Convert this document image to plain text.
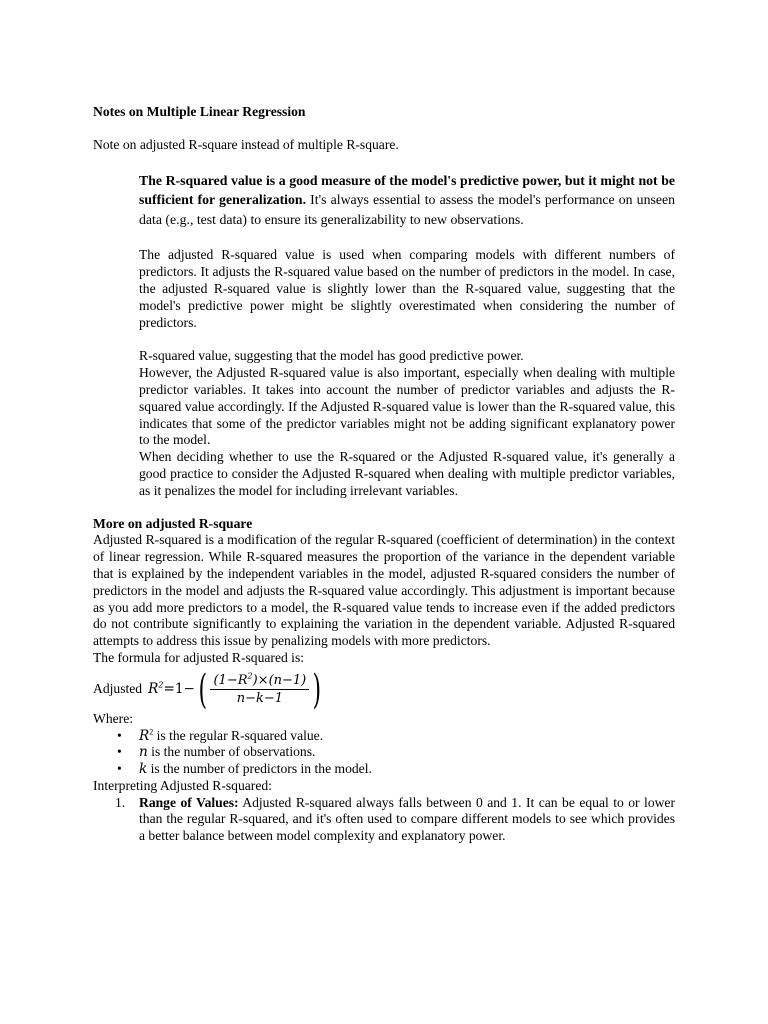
Notes on Multiple Linear Regression

Note on adjusted R-square instead of multiple R-square.

The R-squared value is a good measure of the model's predictive power, but it might not be sufficient for generalization. It's always essential to assess the model's performance on unseen data (e.g., test data) to ensure its generalizability to new observations.

The adjusted R-squared value is used when comparing models with different numbers of predictors. It adjusts the R-squared value based on the number of predictors in the model. In case, the adjusted R-squared value is slightly lower than the R-squared value, suggesting that the model's predictive power might be slightly overestimated when considering the number of predictors.

R-squared value, suggesting that the model has good predictive power.
However, the Adjusted R-squared value is also important, especially when dealing with multiple predictor variables. It takes into account the number of predictor variables and adjusts the R-squared value accordingly. If the Adjusted R-squared value is lower than the R-squared value, this indicates that some of the predictor variables might not be adding significant explanatory power to the model.
When deciding whether to use the R-squared or the Adjusted R-squared value, it's generally a good practice to consider the Adjusted R-squared when dealing with multiple predictor variables, as it penalizes the model for including irrelevant variables.

More on adjusted R-square

Adjusted R-squared is a modification of the regular R-squared (coefficient of determination) in the context of linear regression. While R-squared measures the proportion of the variance in the dependent variable that is explained by the independent variables in the model, adjusted R-squared considers the number of predictors in the model and adjusts the R-squared value accordingly. This adjustment is important because as you add more predictors to a model, the R-squared value tends to increase even if the added predictors do not contribute significantly to explaining the variation in the dependent variable. Adjusted R-squared attempts to address this issue by penalizing models with more predictors.

The formula for adjusted R-squared is:
Adjusted $R^2=1-$ ( $\frac{(1-R^2)\times(n-1)}{n-k-1}$ )
Where:
• $R^2$ is the regular R-squared value.
• n is the number of observations.
• k is the number of predictors in the model.
Interpreting Adjusted R-squared:
1. Range of Values: Adjusted R-squared always falls between 0 and 1. It can be equal to or lower than the regular R-squared, and it's often used to compare different models to see which provides a better balance between model complexity and explanatory power.
